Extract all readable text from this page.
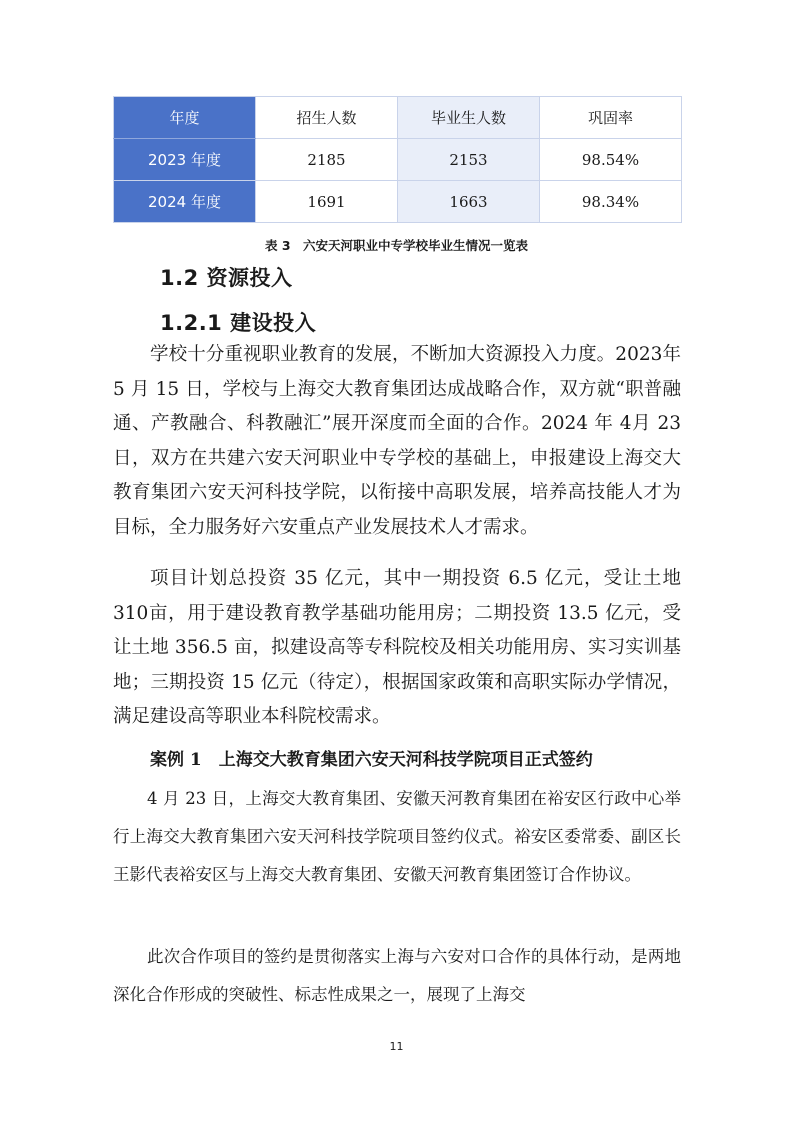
年度	招生人数	毕业生人数	巩固率
2023 年度	2185	2153	98.54%
2024 年度	1691	1663	98.34%
表 3　六安天河职业中专学校毕业生情况一览表
1.2 资源投入
1.2.1 建设投入

学校十分重视职业教育的发展，不断加大资源投入力度。2023年 5 月 15 日，学校与上海交大教育集团达成战略合作，双方就“职普融通、产教融合、科教融汇”展开深度而全面的合作。2024 年 4月 23 日，双方在共建六安天河职业中专学校的基础上，申报建设上海交大教育集团六安天河科技学院，以衔接中高职发展，培养高技能人才为目标，全力服务好六安重点产业发展技术人才需求。

项目计划总投资 35 亿元，其中一期投资 6.5 亿元，受让土地 310亩，用于建设教育教学基础功能用房；二期投资 13.5 亿元，受让土地 356.5 亩，拟建设高等专科院校及相关功能用房、实习实训基地；三期投资 15 亿元（待定），根据国家政策和高职实际办学情况，满足建设高等职业本科院校需求。

案例 1　上海交大教育集团六安天河科技学院项目正式签约

4 月 23 日，上海交大教育集团、安徽天河教育集团在裕安区行政中心举行上海交大教育集团六安天河科技学院项目签约仪式。裕安区委常委、副区长王影代表裕安区与上海交大教育集团、安徽天河教育集团签订合作协议。

此次合作项目的签约是贯彻落实上海与六安对口合作的具体行动，是两地深化合作形成的突破性、标志性成果之一，展现了上海交

11
